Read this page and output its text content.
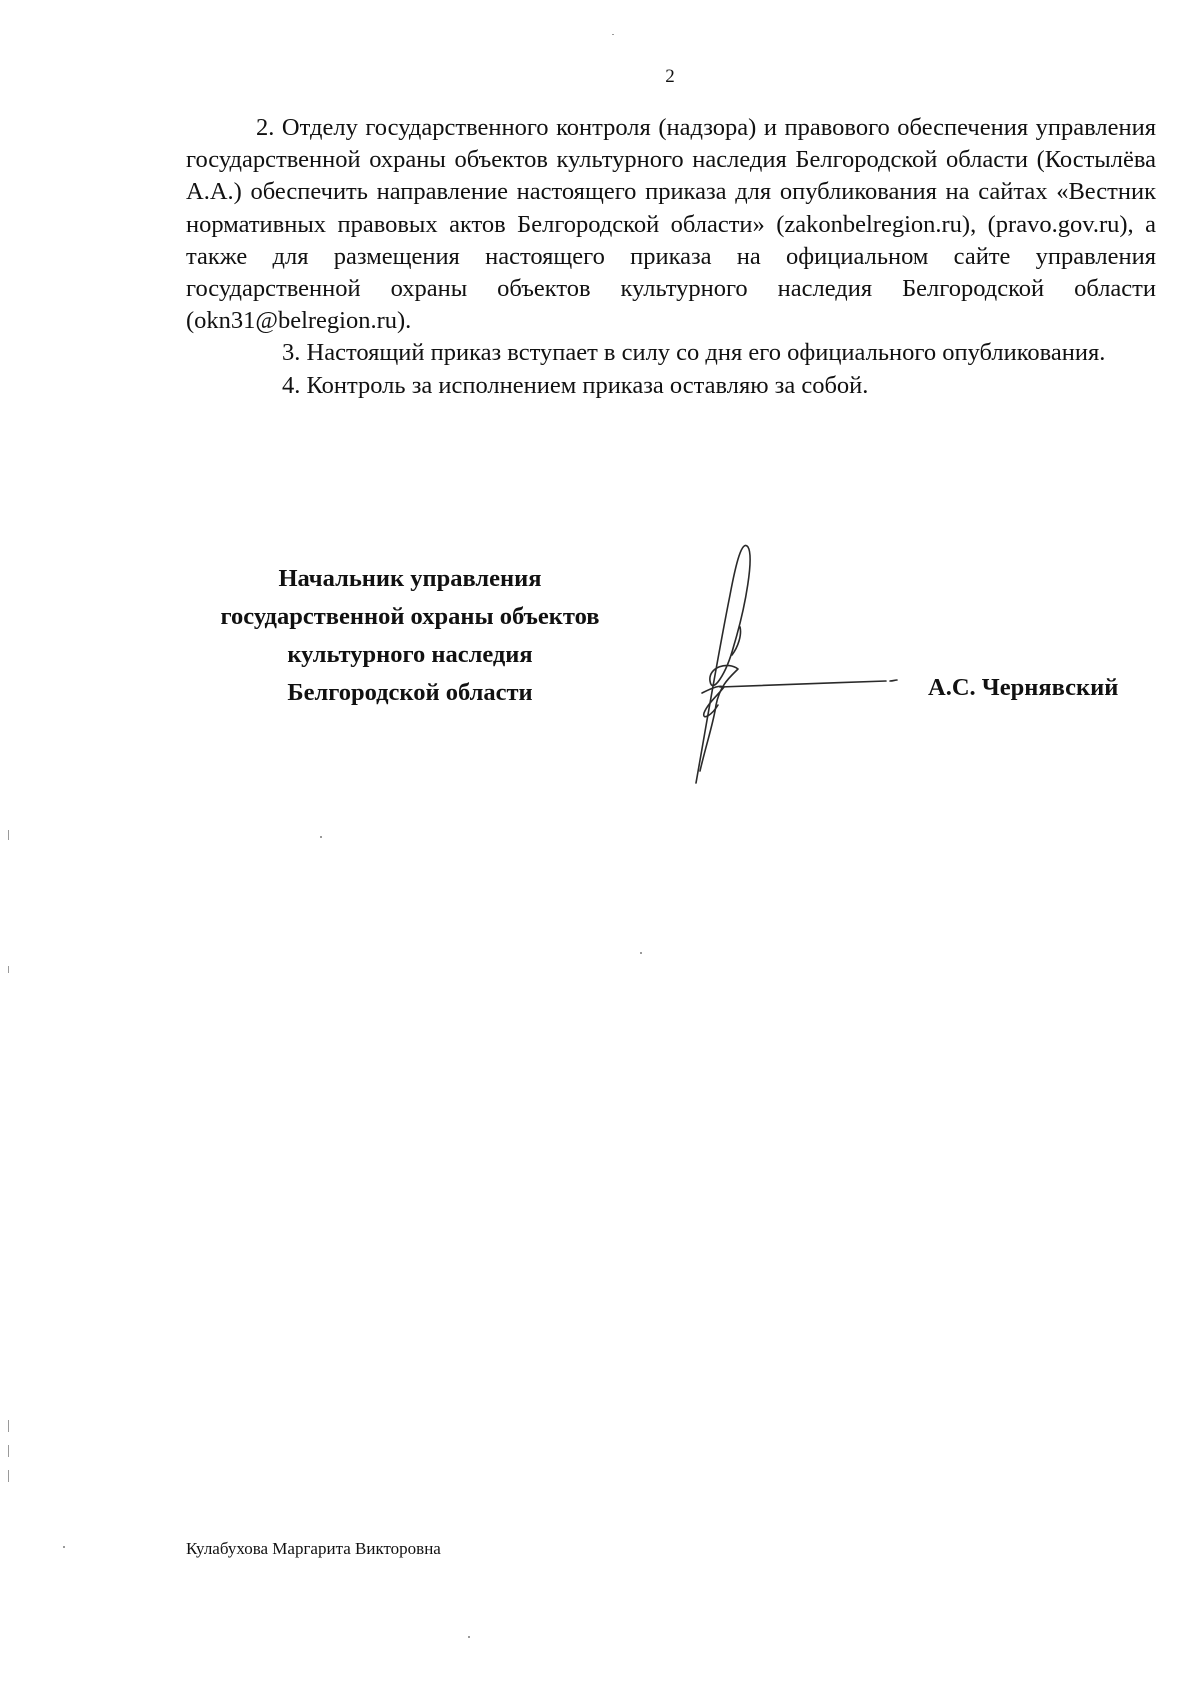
2

2. Отделу государственного контроля (надзора) и правового обеспечения управления государственной охраны объектов культурного наследия Белгородской области (Костылёва А.А.) обеспечить направление настоящего приказа для опубликования на сайтах «Вестник нормативных правовых актов Белгородской области» (zakonbelregion.ru), (pravo.gov.ru), а также для размещения настоящего приказа на официальном сайте управления государственной охраны объектов культурного наследия Белгородской области (okn31@belregion.ru).

3. Настоящий приказ вступает в силу со дня его официального опубликования.

4. Контроль за исполнением приказа оставляю за собой.

Начальник управления
государственной охраны объектов
культурного наследия
Белгородской области	А.С. Чернявский
Кулабухова Маргарита Викторовна
